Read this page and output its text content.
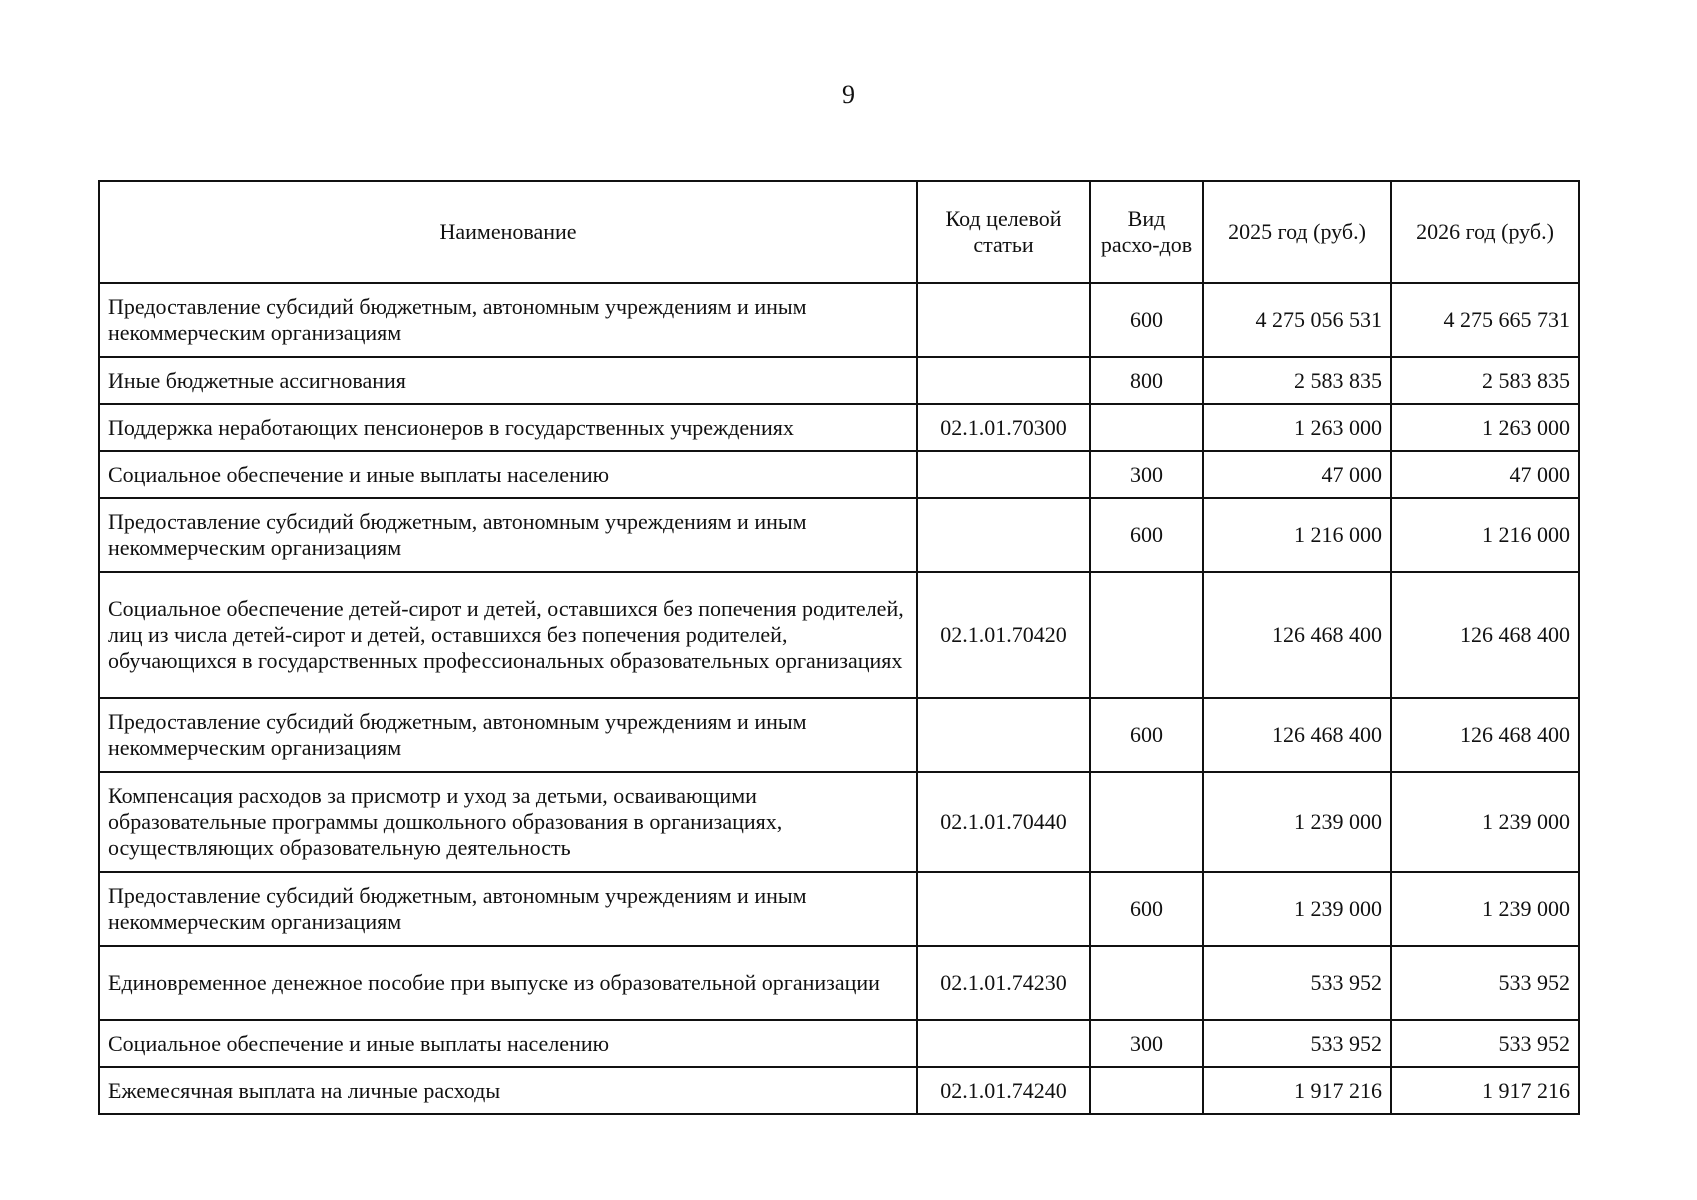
9
Наименование	Код целевой статьи	Вид расхо-дов	2025 год (руб.)	2026 год (руб.)
Предоставление субсидий бюджетным, автономным учреждениям и иным некоммерческим организациям		600	4 275 056 531	4 275 665 731
Иные бюджетные ассигнования		800	2 583 835	2 583 835
Поддержка неработающих пенсионеров в государственных учреждениях	02.1.01.70300		1 263 000	1 263 000
Социальное обеспечение и иные выплаты населению		300	47 000	47 000
Предоставление субсидий бюджетным, автономным учреждениям и иным некоммерческим организациям		600	1 216 000	1 216 000
Социальное обеспечение детей-сирот и детей, оставшихся без попечения родителей, лиц из числа детей-сирот и детей, оставшихся без попечения родителей, обучающихся в государственных профессиональных образовательных организациях	02.1.01.70420		126 468 400	126 468 400
Предоставление субсидий бюджетным, автономным учреждениям и иным некоммерческим организациям		600	126 468 400	126 468 400
Компенсация расходов за присмотр и уход за детьми, осваивающими образовательные программы дошкольного образования в организациях, осуществляющих образовательную деятельность	02.1.01.70440		1 239 000	1 239 000
Предоставление субсидий бюджетным, автономным учреждениям и иным некоммерческим организациям		600	1 239 000	1 239 000
Единовременное денежное пособие при выпуске из образовательной организации	02.1.01.74230		533 952	533 952
Социальное обеспечение и иные выплаты населению		300	533 952	533 952
Ежемесячная выплата на личные расходы	02.1.01.74240		1 917 216	1 917 216
